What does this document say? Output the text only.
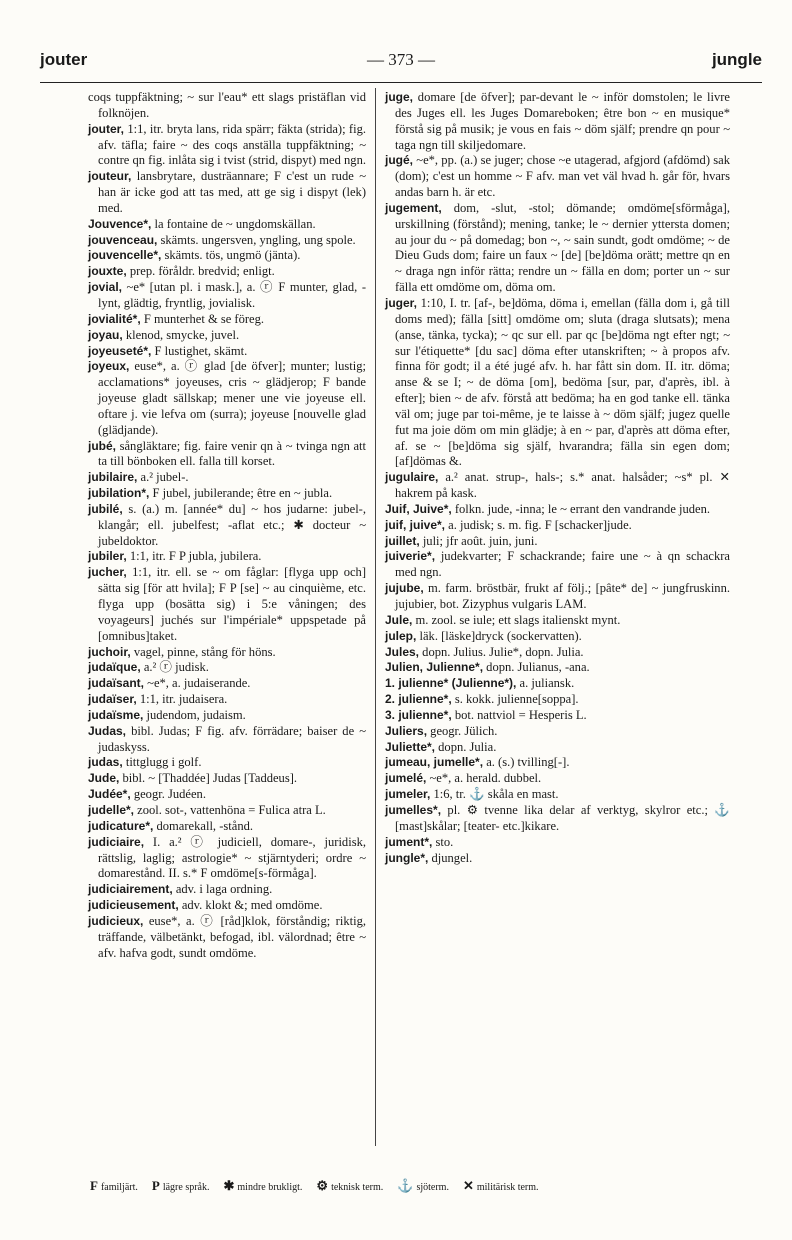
jouter	— 373 —	jungle

coqs tuppfäktning; ~ sur l'eau* ett slags pristäflan vid folknöjen.

jouter, 1:1, itr. bryta lans, rida spärr; fäkta (strida); fig. afv. täfla; faire ~ des coqs anställa tuppfäktning; ~ contre qn fig. inlåta sig i tvist (strid, dispyt) med ngn.

jouteur, lansbrytare, dusträannare; F c'est un rude ~ han är icke god att tas med, att ge sig i dispyt (lek) med.

Jouvence*, la fontaine de ~ ungdomskällan.

jouvenceau, skämts. ungersven, yngling, ung spole.

jouvencelle*, skämts. tös, ungmö (jänta).

jouxte, prep. föråldr. bredvid; enligt.

jovial, ~e* [utan pl. i mask.], a. ⓡ F munter, glad, -lynt, glädtig, fryntlig, jovialisk.

jovialité*, F munterhet & se föreg.

joyau, klenod, smycke, juvel.

joyeuseté*, F lustighet, skämt.

joyeux, euse*, a. ⓡ glad [de öfver]; munter; lustig; acclamations* joyeuses, cris ~ glädjerop; F bande joyeuse gladt sällskap; mener une vie joyeuse ell. oftare j. vie lefva om (surra); joyeuse [nouvelle glad (glädjande).

jubé, sångläktare; fig. faire venir qn à ~ tvinga ngn att ta till bönboken ell. falla till korset.

jubilaire, a.² jubel-.

jubilation*, F jubel, jubilerande; être en ~ jubla.

jubilé, s. (a.) m. [année* du] ~ hos judarne: jubel-, klangår; ell. jubelfest; -aflat etc.; ✱ docteur ~ jubeldoktor.

jubiler, 1:1, itr. F P jubla, jubilera.

jucher, 1:1, itr. ell. se ~ om fåglar: [flyga upp och] sätta sig [för att hvila]; F P [se] ~ au cinquième, etc. flyga upp (bosätta sig) i 5:e våningen; des voyageurs] juchés sur l'impériale* uppspetade på [omnibus]taket.

juchoir, vagel, pinne, stång för höns.

judaïque, a.² ⓡ judisk.

judaïsant, ~e*, a. judaiserande.

judaïser, 1:1, itr. judaisera.

judaïsme, judendom, judaism.

Judas, bibl. Judas; F fig. afv. förrädare; baiser de ~ judaskyss.

judas, tittglugg i golf.

Jude, bibl. ~ [Thaddée] Judas [Taddeus].

Judée*, geogr. Judéen.

judelle*, zool. sot-, vattenhöna = Fulica atra L.

judicature*, domarekall, -stånd.

judiciaire, I. a.² ⓡ judiciell, domare-, juridisk, rättslig, laglig; astrologie* ~ stjärntyderi; ordre ~ domarestånd. II. s.* F omdöme[s-förmåga].

judiciairement, adv. i laga ordning.

judicieusement, adv. klokt &; med omdöme.

judicieux, euse*, a. ⓡ [råd]klok, förståndig; riktig, träffande, välbetänkt, befogad, ibl. välordnad; être ~ afv. hafva godt, sundt omdöme.

juge, domare [de öfver]; par-devant le ~ inför domstolen; le livre des Juges ell. les Juges Domareboken; être bon ~ en musique* förstå sig på musik; je vous en fais ~ döm själf; prendre qn pour ~ taga ngn till skiljedomare.

jugé, ~e*, pp. (a.) se juger; chose ~e utagerad, afgjord (afdömd) sak (dom); c'est un homme ~ F afv. man vet väl hvad h. går för, hvars andas barn h. är etc.

jugement, dom, -slut, -stol; dömande; omdöme[sförmåga], urskillning (förstånd); mening, tanke; le ~ dernier yttersta domen; au jour du ~ på domedag; bon ~, ~ sain sundt, godt omdöme; ~ de Dieu Guds dom; faire un faux ~ [de] [be]döma orätt; mettre qn en ~ draga ngn inför rätta; rendre un ~ fälla en dom; porter un ~ sur fälla ett omdöme om, döma om.

juger, 1:10, I. tr. [af-, be]döma, döma i, emellan (fälla dom i, gå till doms med); fälla [sitt] omdöme om; sluta (draga slutsats); mena (anse, tänka, tycka); ~ qc sur ell. par qc [be]döma ngt efter ngt; ~ sur l'étiquette* [du sac] döma efter utanskriften; ~ à propos afv. finna för godt; il a été jugé afv. h. har fått sin dom. II. itr. döma; anse & se I; ~ de döma [om], bedöma [sur, par, d'après, ibl. à efter]; bien ~ de afv. förstå att bedöma; ha en god tanke ell. tänka väl om; juge par toi-même, je te laisse à ~ döm själf; jugez quelle fut ma joie döm om min glädje; à en ~ par, d'après att döma efter, af. se ~ [be]döma sig själf, hvarandra; fälla sin egen dom; [af]dömas &.

jugulaire, a.² anat. strup-, hals-; s.* anat. halsåder; ~s* pl. ✕ hakrem på kask.

Juif, Juive*, folkn. jude, -inna; le ~ errant den vandrande juden.

juif, juive*, a. judisk; s. m. fig. F [schacker]jude.

juillet, juli; jfr août. juin, juni.

juiverie*, judekvarter; F schackrande; faire une ~ à qn schackra med ngn.

jujube, m. farm. bröstbär, frukt af följ.; [pâte* de] ~ jungfruskinn. jujubier, bot. Zizyphus vulgaris LAM.

Jule, m. zool. se iule; ett slags italienskt mynt.

julep, läk. [läske]dryck (sockervatten).

Jules, dopn. Julius. Julie*, dopn. Julia.

Julien, Julienne*, dopn. Julianus, -ana.

1. julienne* (Julienne*), a. juliansk.

2. julienne*, s. kokk. julienne[soppa].

3. julienne*, bot. nattviol = Hesperis L.

Juliers, geogr. Jülich.

Juliette*, dopn. Julia.

jumeau, jumelle*, a. (s.) tvilling[-].

jumelé, ~e*, a. herald. dubbel.

jumeler, 1:6, tr. ⚓ skåla en mast.

jumelles*, pl. ⚙ tvenne lika delar af verktyg, skylror etc.; ⚓ [mast]skålar; [teater- etc.]kikare.

jument*, sto.

jungle*, djungel.

F familjärt. P lägre språk. ✱ mindre brukligt. ⚙ teknisk term. ⚓ sjöterm. ✕ militärisk term.
